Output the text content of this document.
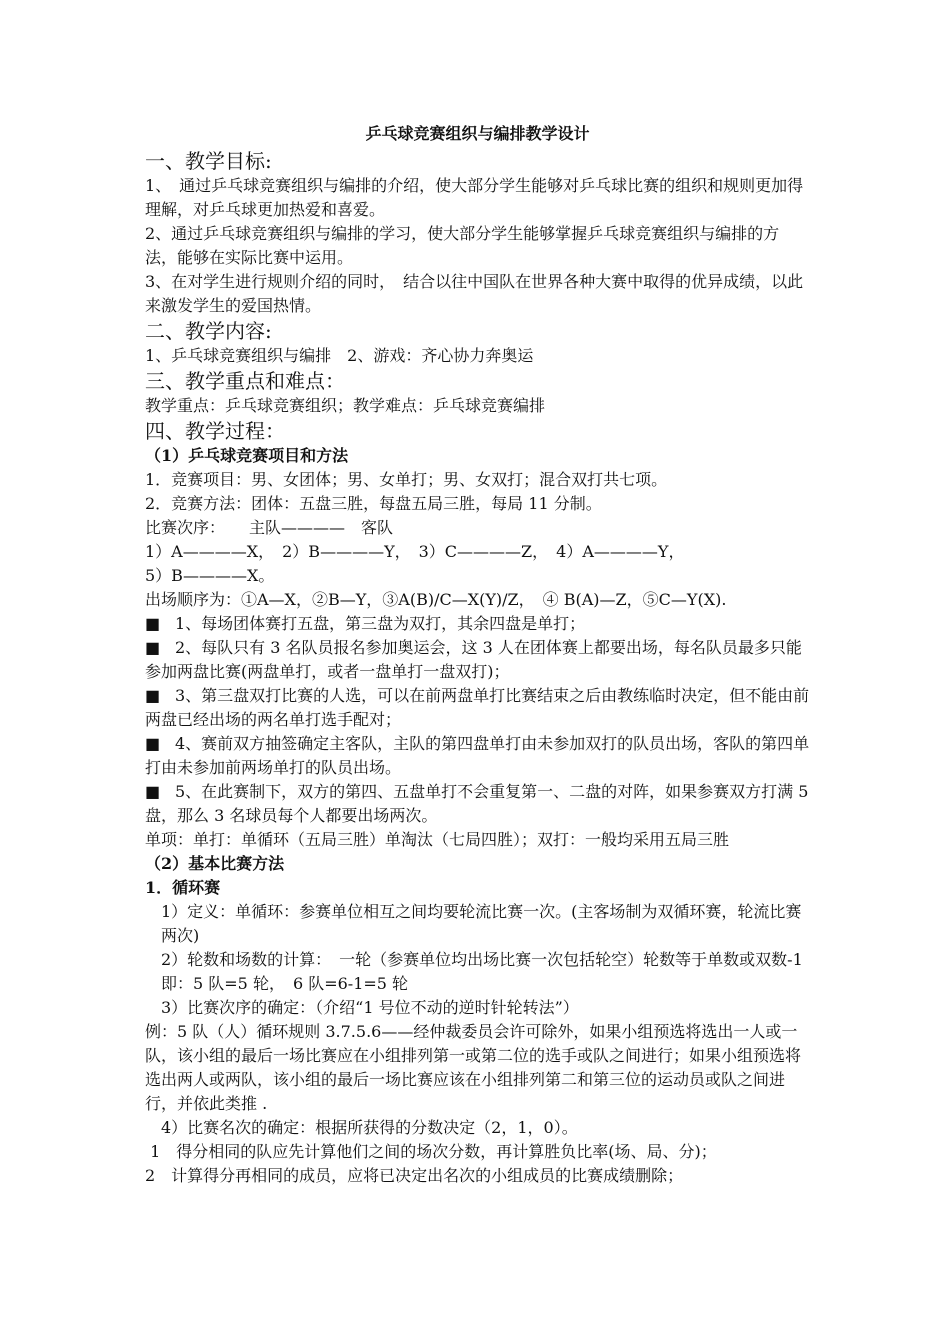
乒乓球竞赛组织与编排教学设计
一、教学目标:

1、　通过乒乓球竞赛组织与编排的介绍，使大部分学生能够对乒乓球比赛的组织和规则更加得理解，对乒乓球更加热爱和喜爱。

2、通过乒乓球竞赛组织与编排的学习，使大部分学生能够掌握乒乓球竞赛组织与编排的方法，能够在实际比赛中运用。

3、在对学生进行规则介绍的同时，　结合以往中国队在世界各种大赛中取得的优异成绩，以此来激发学生的爱国热情。

二、教学内容:

1、乒乓球竞赛组织与编排　2、游戏：齐心协力奔奥运

三、教学重点和难点：

教学重点：乒乓球竞赛组织；教学难点：乒乓球竞赛编排

四、教学过程：

（1）乒乓球竞赛项目和方法

1．竞赛项目：男、女团体；男、女单打；男、女双打；混合双打共七项。

2．竞赛方法：团体：五盘三胜，每盘五局三胜，每局 11 分制。

比赛次序：　　主队————　客队

1）A————X，　2）B————Y，　3）C————Z，　4）A————Y，

5）B————X。

出场顺序为：①A—X，②B—Y，③A(B)/C—X(Y)/Z，　④ B(A)—Z，⑤C—Y(X).

■ 1、每场团体赛打五盘，第三盘为双打，其余四盘是单打；

■ 2、每队只有 3 名队员报名参加奥运会，这 3 人在团体赛上都要出场，每名队员最多只能参加两盘比赛(两盘单打，或者一盘单打一盘双打)；

■ 3、第三盘双打比赛的人选，可以在前两盘单打比赛结束之后由教练临时决定，但不能由前两盘已经出场的两名单打选手配对；

■ 4、赛前双方抽签确定主客队，主队的第四盘单打由未参加双打的队员出场，客队的第四单打由未参加前两场单打的队员出场。

■ 5、在此赛制下，双方的第四、五盘单打不会重复第一、二盘的对阵，如果参赛双方打满 5 盘，那么 3 名球员每个人都要出场两次。

单项：单打：单循环（五局三胜）单淘汰（七局四胜）；双打：一般均采用五局三胜

（2）基本比赛方法

1．循环赛

1）定义：单循环：参赛单位相互之间均要轮流比赛一次。(主客场制为双循环赛，轮流比赛两次)

2）轮数和场数的计算：　一轮（参赛单位均出场比赛一次包括轮空）轮数等于单数或双数-1　　即：5 队=5 轮，　6 队=6-1=5 轮

3）比赛次序的确定：（介绍“1 号位不动的逆时针轮转法”）

例：5 队（人）循环规则 3.7.5.6——经仲裁委员会许可除外，如果小组预选将选出一人或一队，该小组的最后一场比赛应在小组排列第一或第二位的选手或队之间进行；如果小组预选将选出两人或两队，该小组的最后一场比赛应该在小组排列第二和第三位的运动员或队之间进行，并依此类推 .

4）比赛名次的确定：根据所获得的分数决定（2，1，0）。

1　得分相同的队应先计算他们之间的场次分数，再计算胜负比率(场、局、分)；

2　计算得分再相同的成员，应将已决定出名次的小组成员的比赛成绩删除；
